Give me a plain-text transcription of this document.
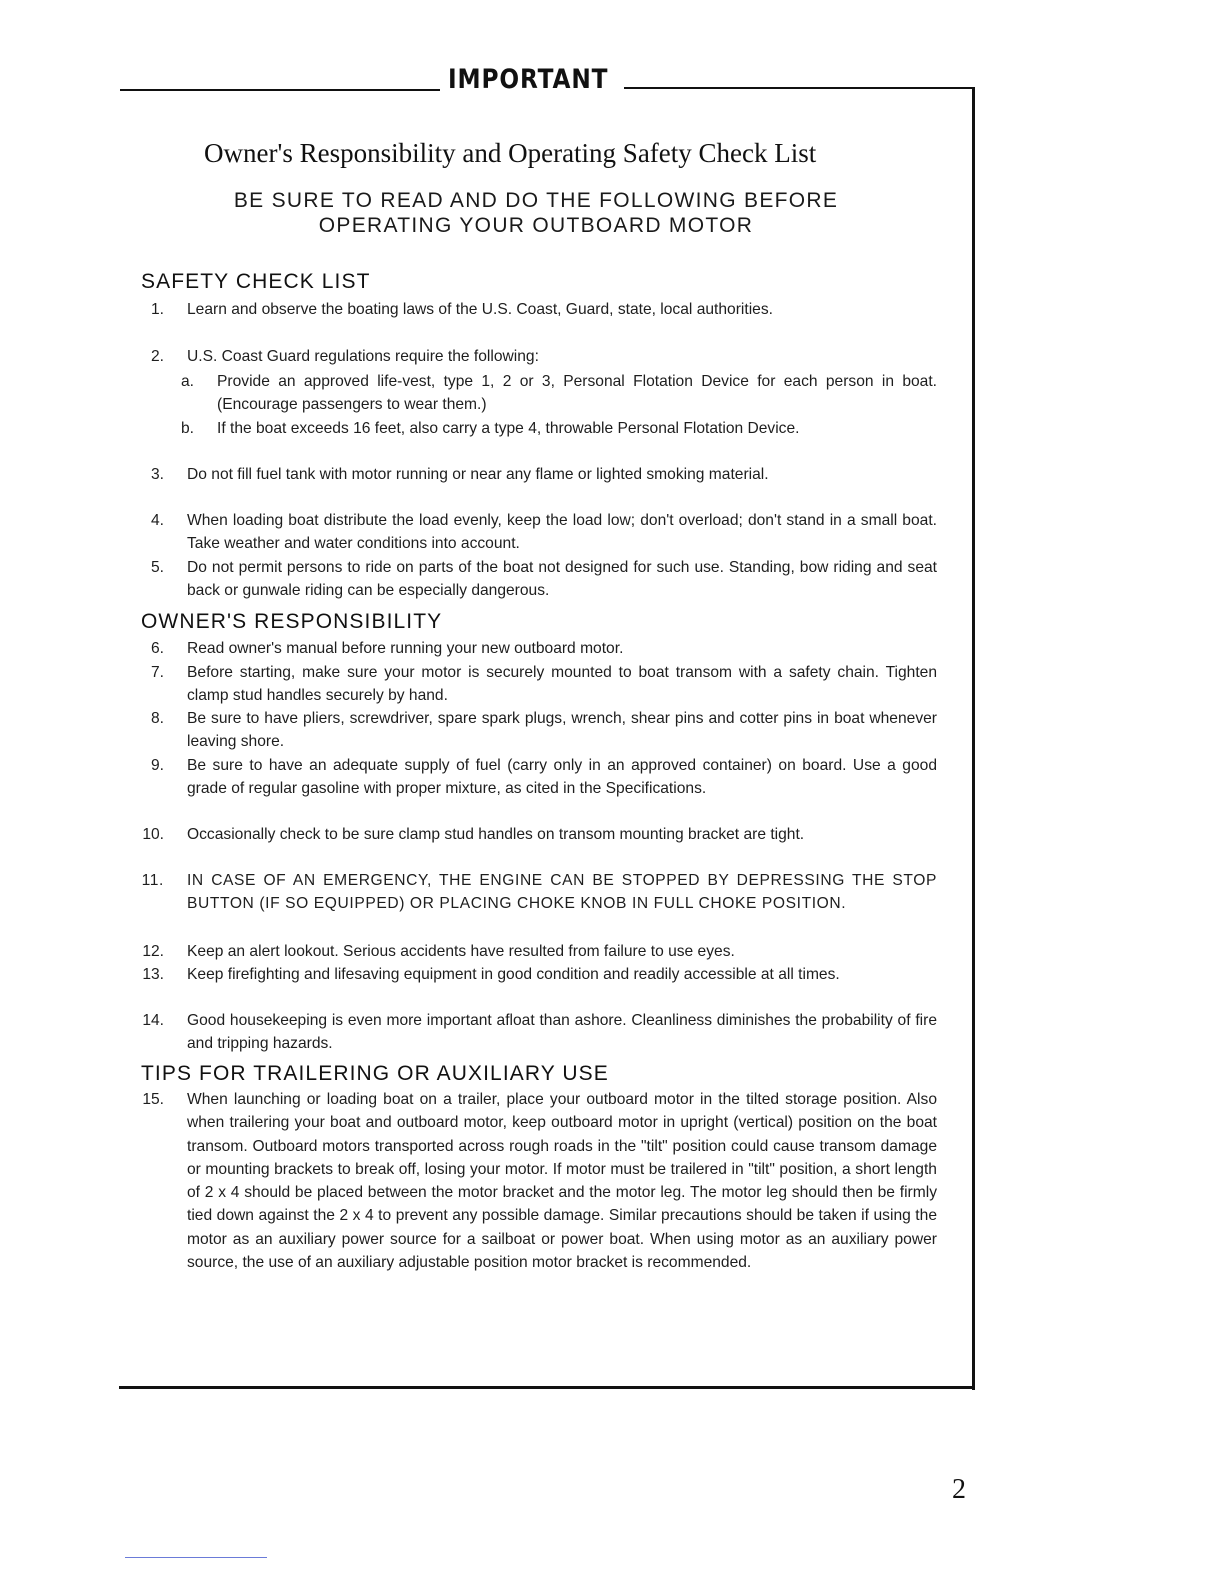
IMPORTANT
Owner's Responsibility and Operating Safety Check List
BE SURE TO READ AND DO THE FOLLOWING BEFORE
OPERATING YOUR OUTBOARD MOTOR
SAFETY CHECK LIST
1. Learn and observe the boating laws of the U.S. Coast, Guard, state, local authorities.
2. U.S. Coast Guard regulations require the following:
a. Provide an approved life-vest, type 1, 2 or 3, Personal Flotation Device for each person in boat. (Encourage passengers to wear them.)
b. If the boat exceeds 16 feet, also carry a type 4, throwable Personal Flotation Device.
3. Do not fill fuel tank with motor running or near any flame or lighted smoking material.
4. When loading boat distribute the load evenly, keep the load low; don't overload; don't stand in a small boat. Take weather and water conditions into account.
5. Do not permit persons to ride on parts of the boat not designed for such use. Standing, bow riding and seat back or gunwale riding can be especially dangerous.
OWNER'S RESPONSIBILITY
6. Read owner's manual before running your new outboard motor.
7. Before starting, make sure your motor is securely mounted to boat transom with a safety chain. Tighten clamp stud handles securely by hand.
8. Be sure to have pliers, screwdriver, spare spark plugs, wrench, shear pins and cotter pins in boat whenever leaving shore.
9. Be sure to have an adequate supply of fuel (carry only in an approved container) on board. Use a good grade of regular gasoline with proper mixture, as cited in the Specifications.
10. Occasionally check to be sure clamp stud handles on transom mounting bracket are tight.
11. IN CASE OF AN EMERGENCY, THE ENGINE CAN BE STOPPED BY DEPRESSING THE STOP BUTTON (IF SO EQUIPPED) OR PLACING CHOKE KNOB IN FULL CHOKE POSITION.
12. Keep an alert lookout. Serious accidents have resulted from failure to use eyes.
13. Keep firefighting and lifesaving equipment in good condition and readily accessible at all times.
14. Good housekeeping is even more important afloat than ashore. Cleanliness diminishes the probability of fire and tripping hazards.
TIPS FOR TRAILERING OR AUXILIARY USE
15. When launching or loading boat on a trailer, place your outboard motor in the tilted storage position. Also when trailering your boat and outboard motor, keep outboard motor in upright (vertical) position on the boat transom. Outboard motors transported across rough roads in the "tilt" position could cause transom damage or mounting brackets to break off, losing your motor. If motor must be trailered in "tilt" position, a short length of 2 x 4 should be placed between the motor bracket and the motor leg. The motor leg should then be firmly tied down against the 2 x 4 to prevent any possible damage. Similar precautions should be taken if using the motor as an auxiliary power source for a sailboat or power boat. When using motor as an auxiliary power source, the use of an auxiliary adjustable position motor bracket is recommended.
2
